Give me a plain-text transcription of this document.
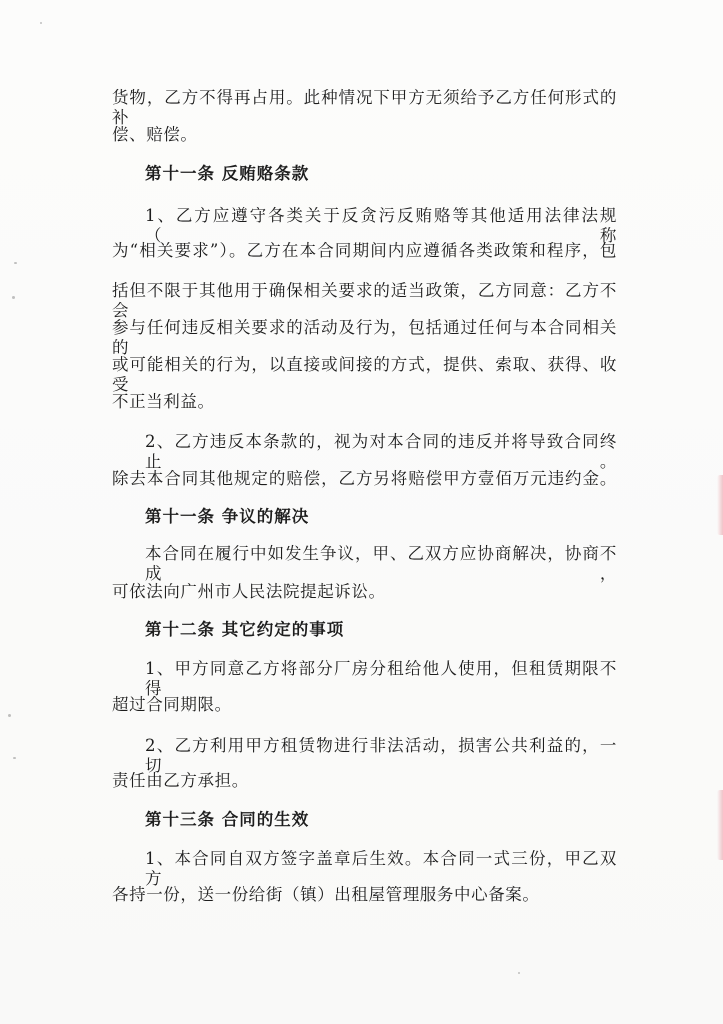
货物，乙方不得再占用。此种情况下甲方无须给予乙方任何形式的补
偿、赔偿。
第十一条 反贿赂条款
1、乙方应遵守各类关于反贪污反贿赂等其他适用法律法规（称
为“相关要求”）。乙方在本合同期间内应遵循各类政策和程序，包
括但不限于其他用于确保相关要求的适当政策，乙方同意：乙方不会
参与任何违反相关要求的活动及行为，包括通过任何与本合同相关的
或可能相关的行为，以直接或间接的方式，提供、索取、获得、收受
不正当利益。
2、乙方违反本条款的，视为对本合同的违反并将导致合同终止。
除去本合同其他规定的赔偿，乙方另将赔偿甲方壹佰万元违约金。
第十一条 争议的解决
本合同在履行中如发生争议，甲、乙双方应协商解决，协商不成，
可依法向广州市人民法院提起诉讼。
第十二条 其它约定的事项
1、甲方同意乙方将部分厂房分租给他人使用，但租赁期限不得
超过合同期限。
2、乙方利用甲方租赁物进行非法活动，损害公共利益的，一切
责任由乙方承担。
第十三条 合同的生效
1、本合同自双方签字盖章后生效。本合同一式三份，甲乙双方
各持一份，送一份给街（镇）出租屋管理服务中心备案。
